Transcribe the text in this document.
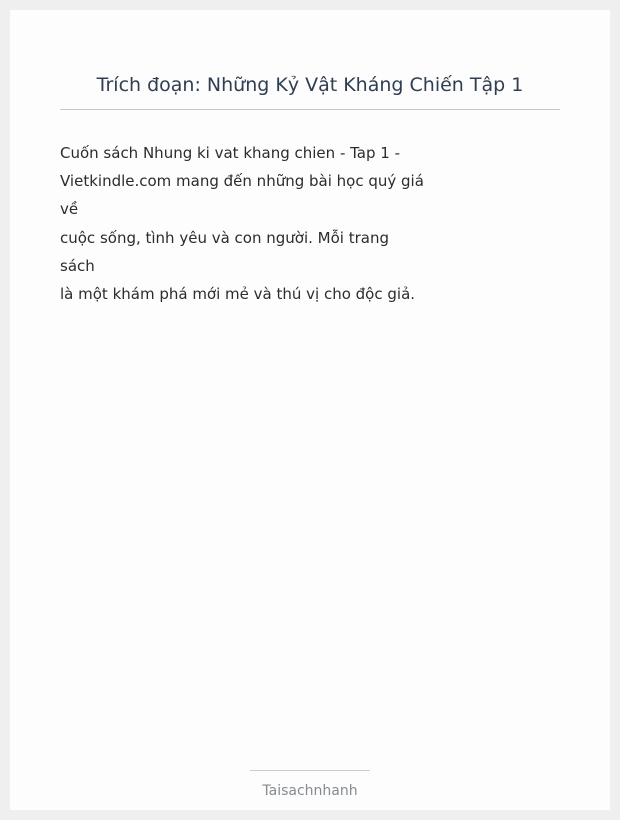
Trích đoạn: Những Kỷ Vật Kháng Chiến Tập 1

Cuốn sách Nhung ki vat khang chien - Tap 1 -
Vietkindle.com mang đến những bài học quý giá
về
cuộc sống, tình yêu và con người. Mỗi trang
sách
là một khám phá mới mẻ và thú vị cho độc giả.

Taisachnhanh
